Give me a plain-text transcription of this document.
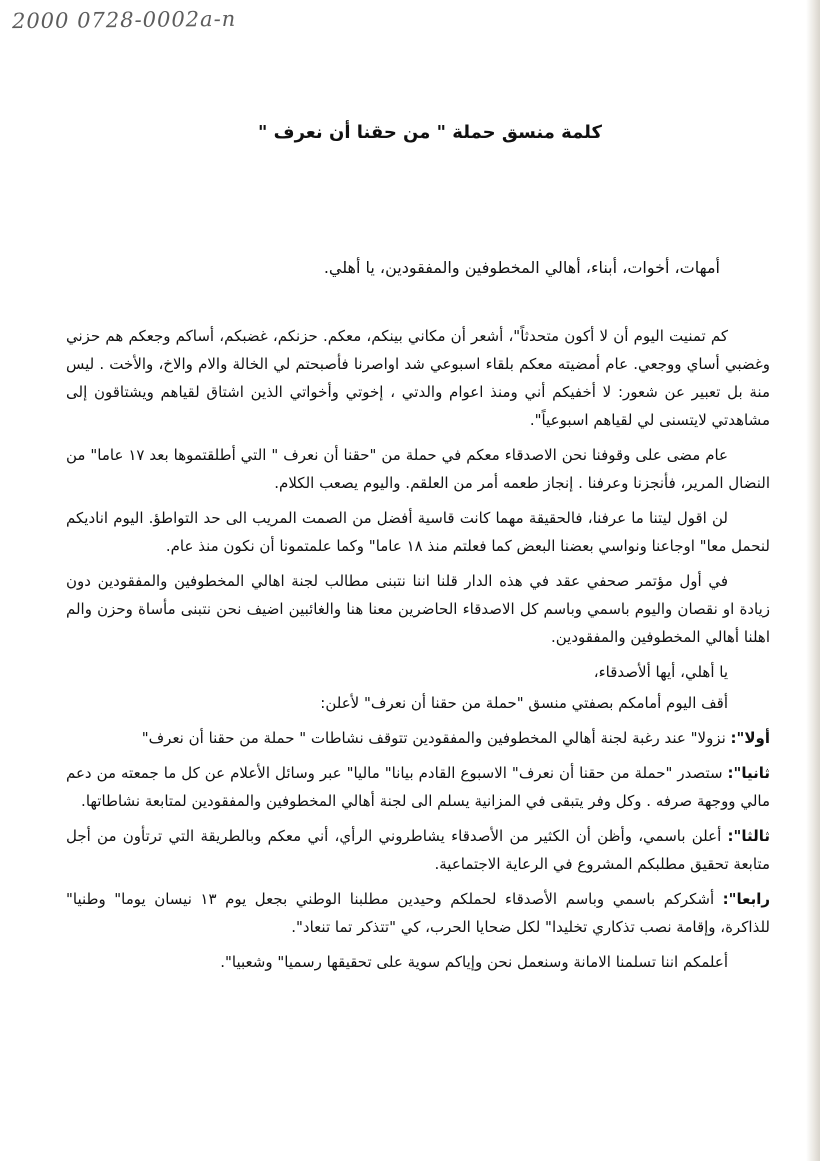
2000 0728-0002a-n
كلمة منسق حملة " من حقنا أن نعرف "
أمهات، أخوات، أبناء، أهالي المخطوفين والمفقودين، يا أهلي.

كم تمنيت اليوم أن لا أكون متحدثاً"، أشعر أن مكاني بينكم، معكم. حزنكم، غضبكم، أساكم وجعكم هم حزني وغضبي أساي ووجعي. عام أمضيته معكم بلقاء اسبوعي شد اواصرنا فأصبحتم لي الخالة والام والاخ، والأخت . ليس منة بل تعبير عن شعور: لا أخفيكم أني ومنذ اعوام والدتي ، إخوتي وأخواتي الذين اشتاق لقياهم ويشتاقون إلى مشاهدتي لايتسنى لي لقياهم اسبوعياً".

عام مضى على وقوفنا نحن الاصدقاء معكم في حملة من "حقنا أن نعرف " التي أطلقتموها بعد ١٧ عاما" من النضال المرير، فأنجزنا وعرفنا . إنجاز طعمه أمر من العلقم. واليوم يصعب الكلام.

لن اقول ليتنا ما عرفنا، فالحقيقة مهما كانت قاسية أفضل من الصمت المريب الى حد التواطؤ. اليوم اناديكم لنحمل معا" اوجاعنا ونواسي بعضنا البعض كما فعلتم منذ ١٨ عاما" وكما علمتمونا أن نكون منذ عام.

في أول مؤتمر صحفي عقد في هذه الدار قلنا اننا نتبنى مطالب لجنة اهالي المخطوفين والمفقودين دون زيادة او نقصان واليوم باسمي وباسم كل الاصدقاء الحاضرين معنا هنا والغائبين اضيف نحن نتبنى مأساة وحزن والم اهلنا أهالي المخطوفين والمفقودين.

يا أهلي، أيها ألأصدقاء،

أقف اليوم أمامكم بصفتي منسق "حملة من حقنا أن نعرف" لأعلن:

أولا": نزولا" عند رغبة لجنة أهالي المخطوفين والمفقودين تتوقف نشاطات " حملة من حقنا أن نعرف"

ثانيا": ستصدر "حملة من حقنا أن نعرف" الاسبوع القادم بيانا" ماليا" عبر وسائل الأعلام عن كل ما جمعته من دعم مالي ووجهة صرفه . وكل وفر يتبقى في المزانية يسلم الى لجنة أهالي المخطوفين والمفقودين لمتابعة نشاطاتها.

ثالثا": أعلن باسمي، وأظن أن الكثير من الأصدقاء يشاطروني الرأي، أني معكم وبالطريقة التي ترتأون من أجل متابعة تحقيق مطلبكم المشروع في الرعاية الاجتماعية.

رابعا": أشكركم باسمي وباسم الأصدقاء لحملكم وحيدين مطلبنا الوطني بجعل يوم ١٣ نيسان يوما" وطنيا" للذاكرة، وإقامة نصب تذكاري تخليدا" لكل ضحايا الحرب، كي "تتذكر تما تنعاد".

أعلمكم اننا تسلمنا الامانة وسنعمل نحن وإياكم سوية على تحقيقها رسميا" وشعبيا".
